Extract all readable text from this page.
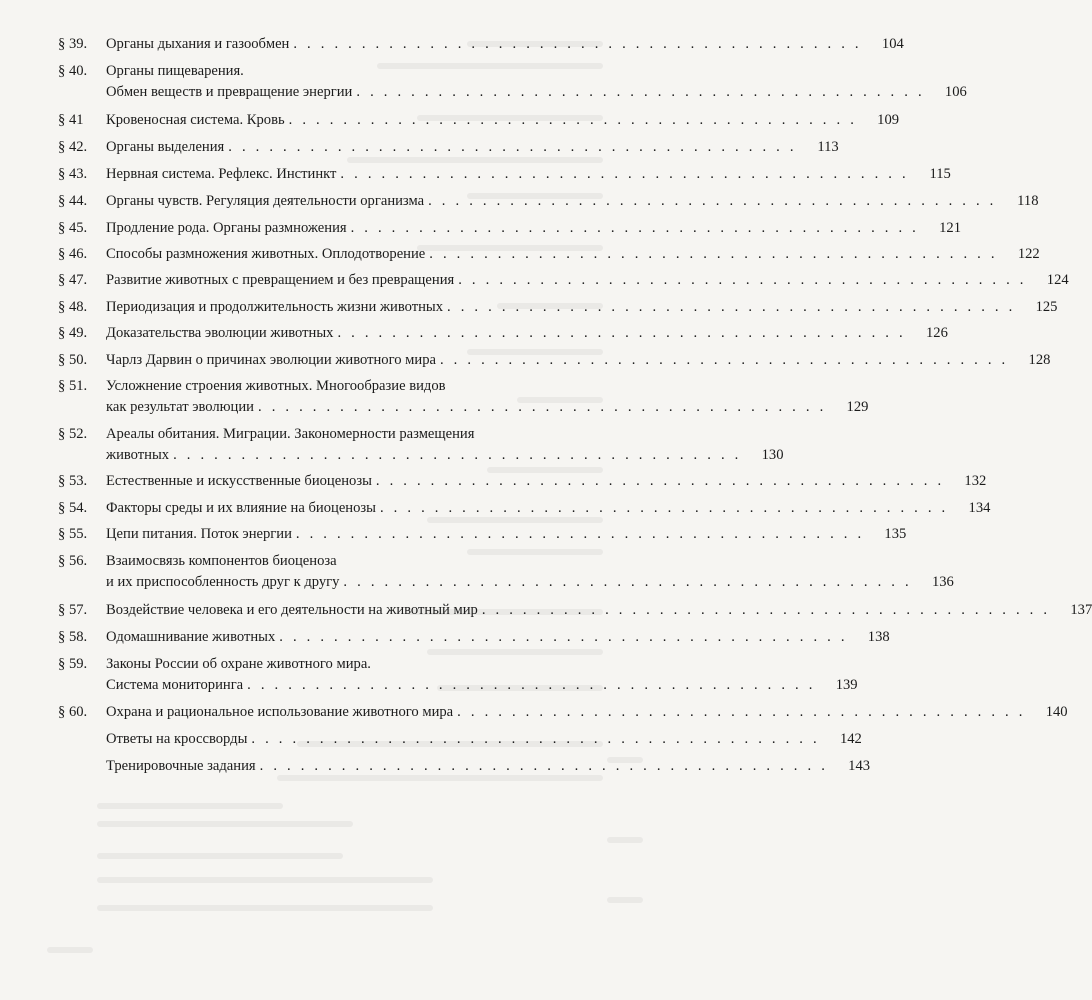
§ 39.	Органы дыхания и газообмен . . . . . . . . . . . . . . . . . . . . . . . . . . . . . . . . . . . . . . . . . .	104
§ 40.	Органы пищеварения.
Обмен веществ и превращение энергии . . . . . . . . . . . . . . . . . . . . . . . . . . . . . . . . . . . . . . . . . .	106
§ 41	Кровеносная система. Кровь . . . . . . . . . . . . . . . . . . . . . . . . . . . . . . . . . . . . . . . . . .	109
§ 42.	Органы выделения . . . . . . . . . . . . . . . . . . . . . . . . . . . . . . . . . . . . . . . . . .	113
§ 43.	Нервная система. Рефлекс. Инстинкт . . . . . . . . . . . . . . . . . . . . . . . . . . . . . . . . . . . . . . . . . .	115
§ 44.	Органы чувств. Регуляция деятельности организма . . . . . . . . . . . . . . . . . . . . . . . . . . . . . . . . . . . . . . . . . .	118
§ 45.	Продление рода. Органы размножения . . . . . . . . . . . . . . . . . . . . . . . . . . . . . . . . . . . . . . . . . .	121
§ 46.	Способы размножения животных. Оплодотворение . . . . . . . . . . . . . . . . . . . . . . . . . . . . . . . . . . . . . . . . . .	122
§ 47.	Развитие животных с превращением и без превращения . . . . . . . . . . . . . . . . . . . . . . . . . . . . . . . . . . . . . . . . . .	124
§ 48.	Периодизация и продолжительность жизни животных . . . . . . . . . . . . . . . . . . . . . . . . . . . . . . . . . . . . . . . . . .	125
§ 49.	Доказательства эволюции животных . . . . . . . . . . . . . . . . . . . . . . . . . . . . . . . . . . . . . . . . . .	126
§ 50.	Чарлз Дарвин о причинах эволюции животного мира . . . . . . . . . . . . . . . . . . . . . . . . . . . . . . . . . . . . . . . . . .	128
§ 51.	Усложнение строения животных. Многообразие видов
как результат эволюции . . . . . . . . . . . . . . . . . . . . . . . . . . . . . . . . . . . . . . . . . .	129
§ 52.	Ареалы обитания. Миграции. Закономерности размещения
животных . . . . . . . . . . . . . . . . . . . . . . . . . . . . . . . . . . . . . . . . . .	130
§ 53.	Естественные и искусственные биоценозы . . . . . . . . . . . . . . . . . . . . . . . . . . . . . . . . . . . . . . . . . .	132
§ 54.	Факторы среды и их влияние на биоценозы . . . . . . . . . . . . . . . . . . . . . . . . . . . . . . . . . . . . . . . . . .	134
§ 55.	Цепи питания. Поток энергии . . . . . . . . . . . . . . . . . . . . . . . . . . . . . . . . . . . . . . . . . .	135
§ 56.	Взаимосвязь компонентов биоценоза
и их приспособленность друг к другу . . . . . . . . . . . . . . . . . . . . . . . . . . . . . . . . . . . . . . . . . .	136
§ 57.	Воздействие человека и его деятельности на животный мир . . . . . . . . . . . . . . . . . . . . . . . . . . . . . . . . . . . . . . . . . .	137
§ 58.	Одомашнивание животных . . . . . . . . . . . . . . . . . . . . . . . . . . . . . . . . . . . . . . . . . .	138
§ 59.	Законы России об охране животного мира.
Система мониторинга . . . . . . . . . . . . . . . . . . . . . . . . . . . . . . . . . . . . . . . . . .	139
§ 60.	Охрана и рациональное использование животного мира . . . . . . . . . . . . . . . . . . . . . . . . . . . . . . . . . . . . . . . . . .	140
Ответы на кроссворды . . . . . . . . . . . . . . . . . . . . . . . . . . . . . . . . . . . . . . . . . .	142
Тренировочные задания . . . . . . . . . . . . . . . . . . . . . . . . . . . . . . . . . . . . . . . . . .	143
